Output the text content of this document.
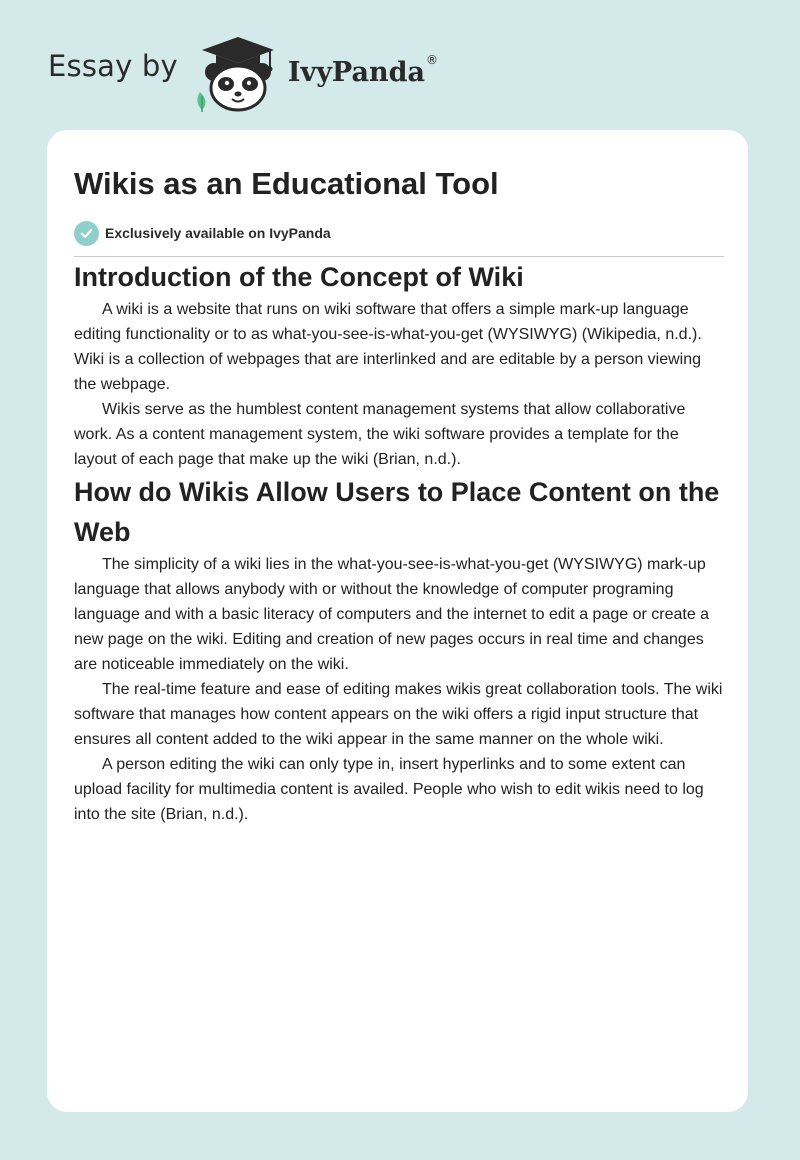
Essay by	IvyPanda ®
Wikis as an Educational Tool
Exclusively available on IvyPanda
Introduction of the Concept of Wiki

A wiki is a website that runs on wiki software that offers a simple mark-up language editing functionality or to as what-you-see-is-what-you-get (WYSIWYG) (Wikipedia, n.d.). Wiki is a collection of webpages that are interlinked and are editable by a person viewing the webpage.

Wikis serve as the humblest content management systems that allow collaborative work. As a content management system, the wiki software provides a template for the layout of each page that make up the wiki (Brian, n.d.).

How do Wikis Allow Users to Place Content on the Web

The simplicity of a wiki lies in the what-you-see-is-what-you-get (WYSIWYG) mark-up language that allows anybody with or without the knowledge of computer programing language and with a basic literacy of computers and the internet to edit a page or create a new page on the wiki. Editing and creation of new pages occurs in real time and changes are noticeable immediately on the wiki.

The real-time feature and ease of editing makes wikis great collaboration tools. The wiki software that manages how content appears on the wiki offers a rigid input structure that ensures all content added to the wiki appear in the same manner on the whole wiki.

A person editing the wiki can only type in, insert hyperlinks and to some extent can upload facility for multimedia content is availed. People who wish to edit wikis need to log into the site (Brian, n.d.).
